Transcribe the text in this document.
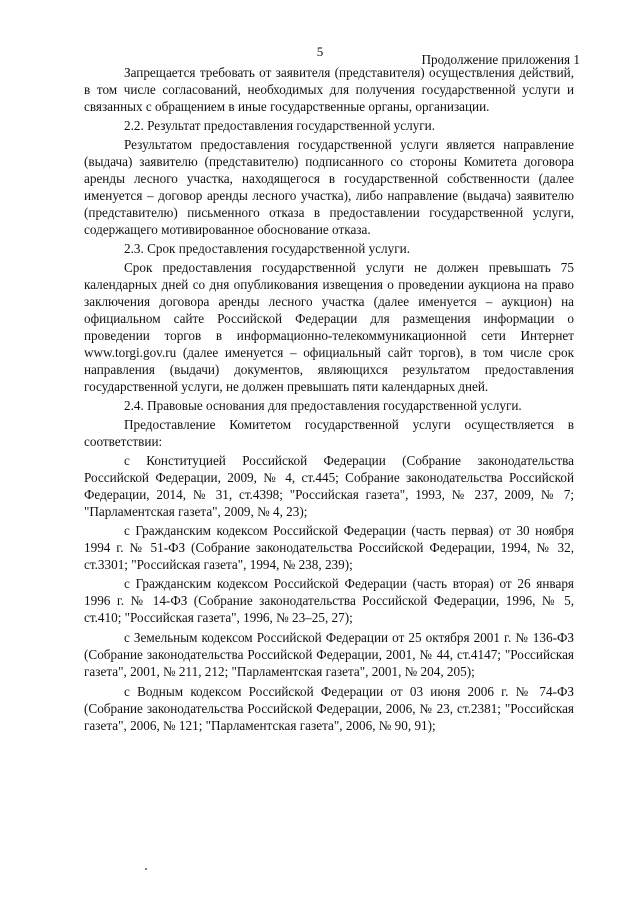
5
Продолжение приложения 1

Запрещается требовать от заявителя (представителя) осуществления действий, в том числе согласований, необходимых для получения государственной услуги и связанных с обращением в иные государственные органы, организации.

2.2. Результат предоставления государственной услуги.

Результатом предоставления государственной услуги является направление (выдача) заявителю (представителю) подписанного со стороны Комитета договора аренды лесного участка, находящегося в государственной собственности (далее именуется – договор аренды лесного участка), либо направление (выдача) заявителю (представителю) письменного отказа в предоставлении государственной услуги, содержащего мотивированное обоснование отказа.

2.3. Срок предоставления государственной услуги.

Срок предоставления государственной услуги не должен превышать 75 календарных дней со дня опубликования извещения о проведении аукциона на право заключения договора аренды лесного участка (далее именуется – аукцион) на официальном сайте Российской Федерации для размещения информации о проведении торгов в информационно-телекоммуникационной сети Интернет www.torgi.gov.ru (далее именуется – официальный сайт торгов), в том числе срок направления (выдачи) документов, являющихся результатом предоставления государственной услуги, не должен превышать пяти календарных дней.

2.4. Правовые основания для предоставления государственной услуги.

Предоставление Комитетом государственной услуги осуществляется в соответствии:

с Конституцией Российской Федерации (Собрание законодательства Российской Федерации, 2009, № 4, ст.445; Собрание законодательства Российской Федерации, 2014, № 31, ст.4398; "Российская газета", 1993, № 237, 2009, № 7; "Парламентская газета", 2009, № 4, 23);

с Гражданским кодексом Российской Федерации (часть первая) от 30 ноября 1994 г. № 51-ФЗ (Собрание законодательства Российской Федерации, 1994, № 32, ст.3301; "Российская газета", 1994, № 238, 239);

с Гражданским кодексом Российской Федерации (часть вторая) от 26 января 1996 г. № 14-ФЗ (Собрание законодательства Российской Федерации, 1996, № 5, ст.410; "Российская газета", 1996, № 23–25, 27);

с Земельным кодексом Российской Федерации от 25 октября 2001 г. № 136-ФЗ (Собрание законодательства Российской Федерации, 2001, № 44, ст.4147; "Российская газета", 2001, № 211, 212; "Парламентская газета", 2001, № 204, 205);

с Водным кодексом Российской Федерации от 03 июня 2006 г. № 74-ФЗ (Собрание законодательства Российской Федерации, 2006, № 23, ст.2381; "Российская газета", 2006, № 121; "Парламентская газета", 2006, № 90, 91);
